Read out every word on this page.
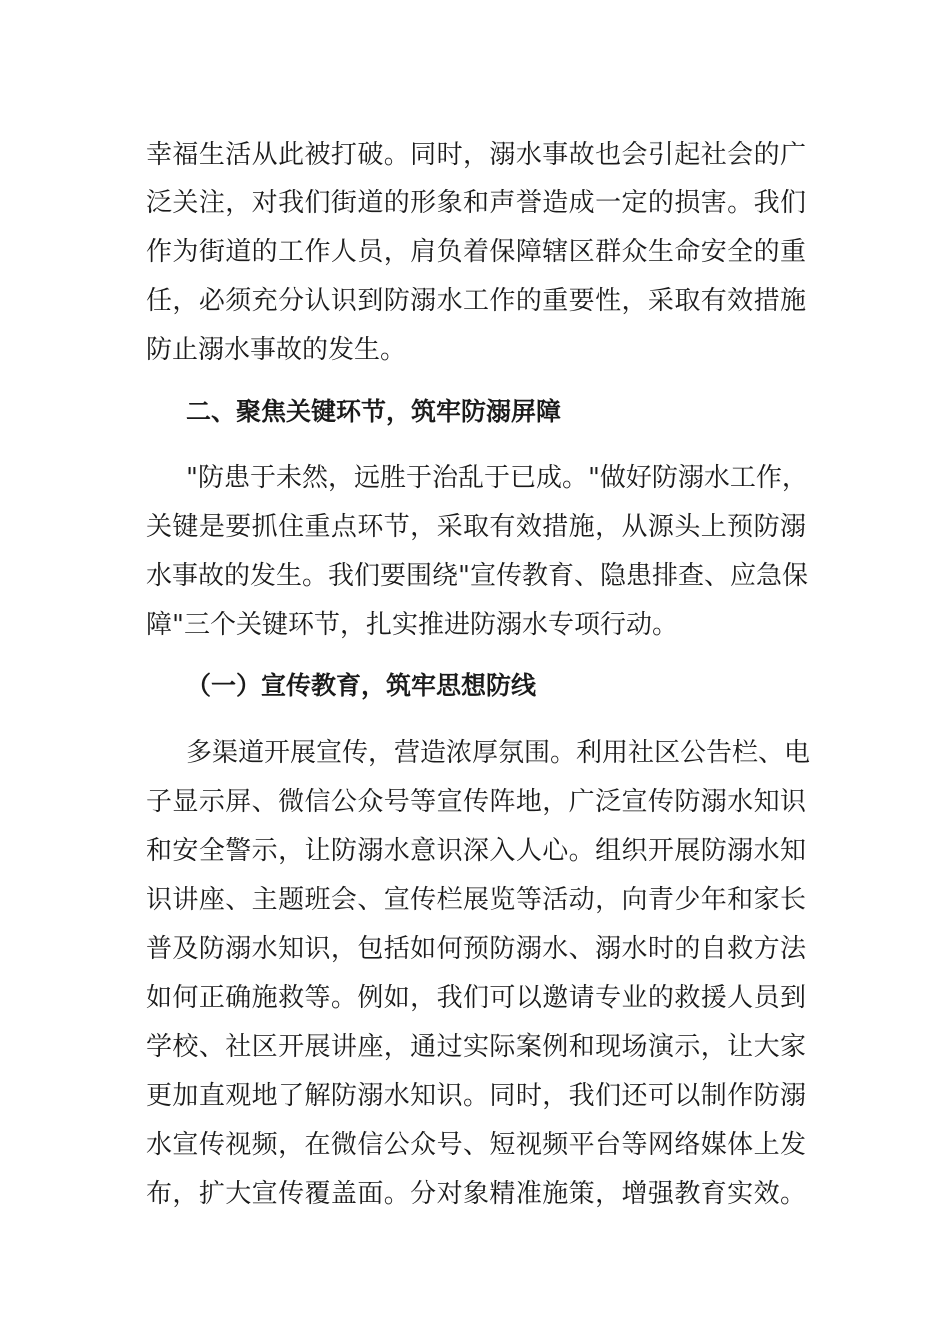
幸福生活从此被打破。同时，溺水事故也会引起社会的广
泛关注，对我们街道的形象和声誉造成一定的损害。我们
作为街道的工作人员，肩负着保障辖区群众生命安全的重
任，必须充分认识到防溺水工作的重要性，采取有效措施
防止溺水事故的发生。
二、聚焦关键环节，筑牢防溺屏障
"防患于未然，远胜于治乱于已成。"做好防溺水工作，
关键是要抓住重点环节，采取有效措施，从源头上预防溺
水事故的发生。我们要围绕"宣传教育、隐患排查、应急保
障"三个关键环节，扎实推进防溺水专项行动。
（一）宣传教育，筑牢思想防线
多渠道开展宣传，营造浓厚氛围。利用社区公告栏、电
子显示屏、微信公众号等宣传阵地，广泛宣传防溺水知识
和安全警示，让防溺水意识深入人心。组织开展防溺水知
识讲座、主题班会、宣传栏展览等活动，向青少年和家长
普及防溺水知识，包括如何预防溺水、溺水时的自救方法
如何正确施救等。例如，我们可以邀请专业的救援人员到
学校、社区开展讲座，通过实际案例和现场演示，让大家
更加直观地了解防溺水知识。同时，我们还可以制作防溺
水宣传视频，在微信公众号、短视频平台等网络媒体上发
布，扩大宣传覆盖面。分对象精准施策，增强教育实效。
